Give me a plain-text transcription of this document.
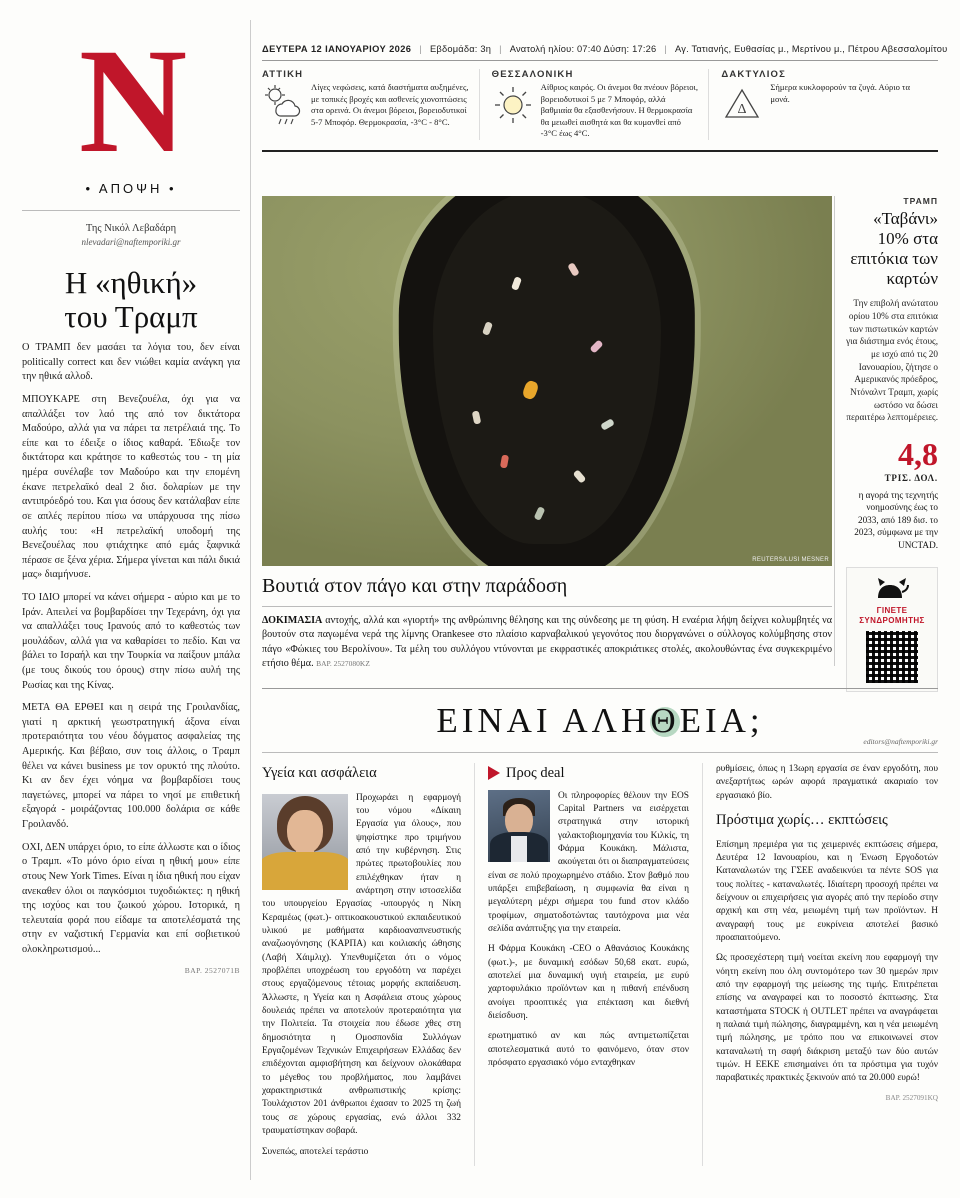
N
• ΑΠΟΨΗ •
Της Νικόλ Λεβαδάρη
nlevadari@naftemporiki.gr
Η «ηθική»
του Τραμπ

Ο ΤΡΑΜΠ δεν μασάει τα λόγια του, δεν είναι politically correct και δεν νιώθει καμία ανάγκη για την ηθικά αλλοδ.

ΜΠΟΥΚΑΡΕ στη Βενεζουέλα, όχι για να απαλλάξει τον λαό της από τον δικτάτορα Μαδούρο, αλλά για να πάρει τα πετρέλαιά της. Το είπε και το έδειξε ο ίδιος καθαρά. Έδιωξε τον δικτάτορα και κράτησε το καθεστώς του - τη μία ημέρα συνέλαβε τον Μαδούρο και την επομένη έκανε πετρελαϊκό deal 2 δισ. δολαρίων με την αντιπρόεδρό του. Και για όσους δεν κατάλαβαν είπε σε απλές περίπου πίσω να υπάρχουσα της πίσω αυλής του: «Η πετρελαϊκή υποδομή της Βενεζουέλας που φτιάχτηκε από εμάς ξαφνικά πέρασε σε ξένα χέρια. Σήμερα γίνεται και πάλι δικιά μας» διαμήνυσε.

ΤΟ ΙΔΙΟ μπορεί να κάνει σήμερα - αύριο και με το Ιράν. Απειλεί να βομβαρδίσει την Τεχεράνη, όχι για να απαλλάξει τους Ιρανούς από το καθεστώς των μουλάδων, αλλά για να καθαρίσει το πεδίο. Και να βάλει το Ισραήλ και την Τουρκία να παίξουν μπάλα (με τους δικούς του όρους) στην πίσω αυλή της Ρωσίας και της Κίνας.

ΜΕΤΑ ΘΑ ΕΡΘΕΙ και η σειρά της Γροιλανδίας, γιατί η αρκτική γεωστρατηγική άξονα είναι προτεραιότητα του νέου δόγματος ασφαλείας της Αμερικής. Και βέβαιο, συν τοις άλλοις, ο Τραμπ θέλει να κάνει business με τον ορυκτό της πλούτο. Κι αν δεν έχει νόημα να βομβαρδίσει τους παγετώνες, μπορεί να πάρει το νησί με επιθετική εξαγορά - μοιράζοντας 100.000 δολάρια σε κάθε Γροιλανδό.

ΟΧΙ, ΔΕΝ υπάρχει όριο, το είπε άλλωστε και ο ίδιος ο Τραμπ. «Το μόνο όριο είναι η ηθική μου» είπε στους New York Times. Είναι η ίδια ηθική που είχαν ανεκαθεν όλοι οι παγκόσμιοι τυχοδιώκτες: η ηθική της ισχύος και του ζωικού χώρου. Ιστορικά, η τελευταία φορά που είδαμε τα αποτελέσματά της στην εν ναζιστική Γερμανία και επί σοβιετικού ολοκληρωτισμού...

ΒΑΡ. 2527071Β
ΔΕΥΤΕΡΑ 12 ΙΑΝΟΥΑΡΙΟΥ 2026 | Εβδομάδα: 3η | Ανατολή ηλίου: 07:40 Δύση: 17:26 | Αγ. Τατιανής, Ευθασίας μ., Μερτίνου μ., Πέτρου Αβεσσαλομίτου
ΑΤΤΙΚΗ
Λίγες νεφώσεις, κατά διαστήματα αυξημένες, με τοπικές βροχές και ασθενείς χιονοπτώσεις στα ορεινά. Οι άνεμοι βόρειοι, βορειοδυτικοί 5-7 Μποφόρ. Θερμοκρασία, -3°C - 8°C.
ΘΕΣΣΑΛΟΝΙΚΗ
Αίθριος καιρός. Οι άνεμοι θα πνέουν βόρειοι, βορειοδυτικοί 5 με 7 Μποφόρ, αλλά βαθμιαία θα εξασθενήσουν. Η θερμοκρασία θα μειωθεί αισθητά και θα κυμανθεί από -3°C έως 4°C.
ΔΑΚΤΥΛΙΟΣ
Δ
Σήμερα κυκλοφορούν τα ζυγά. Αύριο τα μονά.
REUTERS/LUSI MESNER
Βουτιά στον πάγο και στην παράδοση
ΔΟΚΙΜΑΣΙΑ αντοχής, αλλά και «γιορτή» της ανθρώπινης θέλησης και της σύνδεσης με τη φύση. Η εναέρια λήψη δείχνει κολυμβητές να βουτούν στα παγωμένα νερά της λίμνης Orankesee στο πλαίσιο καρναβαλικού γεγονότος που διοργανώνει ο σύλλογος κολύμβησης στον πάγο «Φώκιες του Βερολίνου». Τα μέλη του συλλόγου ντύνονται με εκφραστικές αποκριάτικες στολές, ακολουθώντας ένα συγκεκριμένο ετήσιο θέμα. ΒΑΡ. 2527080ΚΖ
ΤΡΑΜΠ
«Ταβάνι» 10% στα επιτόκια των καρτών
Την επιβολή ανώτατου ορίου 10% στα επιτόκια των πιστωτικών καρτών για διάστημα ενός έτους, με ισχύ από τις 20 Ιανουαρίου, ζήτησε ο Αμερικανός πρόεδρος, Ντόναλντ Τραμπ, χωρίς ωστόσο να δώσει περαιτέρω λεπτομέρειες.
4,8
ΤΡΙΣ. ΔΟΛ.
η αγορά της τεχνητής νοημοσύνης έως το 2033, από 189 δισ. το 2023, σύμφωνα με την UNCTAD.
ΓΙΝΕΤΕ ΣΥΝΔΡΟΜΗΤΗΣ
ΕΙΝΑΙ ΑΛΗ
ΘΕΙΑ;
editors@naftemporiki.gr
Υγεία και ασφάλεια

Προχωράει η εφαρμογή του νόμου «Δίκαιη Εργασία για όλους», που ψηφίστηκε προ τριμήνου από την κυβέρνηση. Στις πρώτες πρωτοβουλίες που επιλέχθηκαν ήταν η ανάρτηση στην ιστοσελίδα του υπουργείου Εργασίας -υπουργός η Νίκη Κεραμέως (φωτ.)- οπτικοακουστικού εκπαιδευτικού υλικού με μαθήματα καρδιοαναπνευστικής αναζωογόνησης (ΚΑΡΠΑ) και κοιλιακής ώθησης (Λαβή Χάιμλιχ). Υπενθυμίζεται ότι ο νόμος προβλέπει υποχρέωση του εργοδότη να παρέχει στους εργαζόμενους τέτοιας μορφής εκπαίδευση. Άλλωστε, η Υγεία και η Ασφάλεια στους χώρους δουλειάς πρέπει να αποτελούν προτεραιότητα για την Πολιτεία. Τα στοιχεία που έδωσε χθες στη δημοσιότητα η Ομοσπονδία Συλλόγων Εργαζομένων Τεχνικών Επιχειρήσεων Ελλάδας δεν επιδέχονται αμφισβήτηση και δείχνουν ολοκάθαρα το μέγεθος του προβλήματος, που λαμβάνει χαρακτηριστικά ανθρωπιστικής κρίσης: Τουλάχιστον 201 άνθρωποι έχασαν το 2025 τη ζωή τους σε χώρους εργασίας, ενώ άλλοι 332 τραυματίστηκαν σοβαρά.

Συνεπώς, αποτελεί τεράστιο

Προς deal

Οι πληροφορίες θέλουν την EOS Capital Partners να εισέρχεται στρατηγικά στην ιστορική γαλακτοβιομηχανία του Κιλκίς, τη Φάρμα Κουκάκη. Μάλιστα, ακούγεται ότι οι διαπραγματεύσεις είναι σε πολύ προχωρημένο στάδιο. Στον βαθμό που υπάρξει επιβεβαίωση, η συμφωνία θα είναι η μεγαλύτερη μέχρι σήμερα του fund στον κλάδο τροφίμων, σηματοδοτώντας ταυτόχρονα μια νέα σελίδα ανάπτυξης για την εταιρεία.

Η Φάρμα Κουκάκη -CEO ο Αθανάσιος Κουκάκης (φωτ.)-, με δυναμική εσόδων 50,68 εκατ. ευρώ, αποτελεί μια δυναμική υγιή εταιρεία, με ευρύ χαρτοφυλάκιο προϊόντων και η πιθανή επένδυση ανοίγει προοπτικές για επέκταση και διεθνή διείσδυση.

ερωτηματικό αν και πώς αντιμετωπίζεται αποτελεσματικά αυτό το φαινόμενο, όταν στον πρόσφατο εργασιακό νόμο ενταχθηκαν

ρυθμίσεις, όπως η 13ωρη εργασία σε έναν εργοδότη, που ανεξαρτήτως ωρών αφορά πραγματικά ακαριαίο τον εργασιακό βίο.

Πρόστιμα χωρίς… εκπτώσεις

Επίσημη πρεμιέρα για τις χειμερινές εκπτώσεις σήμερα, Δευτέρα 12 Ιανουαρίου, και η Ένωση Εργοδοτών Καταναλωτών της ΓΣΕΕ αναδεικνύει τα πέντε SOS για τους πολίτες - καταναλωτές. Ιδιαίτερη προσοχή πρέπει να δείχνουν οι επιχειρήσεις για αγορές από την περίοδο στην αρχική και στη νέα, μειωμένη τιμή των προϊόντων. Η αναγραφή τους με ευκρίνεια αποτελεί βασικό προαπαιτούμενο.

Ως προσεχέστερη τιμή νοείται εκείνη που εφαρμογή την νόητη εκείνη που όλη συντομότερο των 30 ημερών πριν από την εφαρμογή της μείωσης της τιμής. Επιτρέπεται επίσης να αναγραφεί και το ποσοστό έκπτωσης. Στα καταστήματα STOCK ή OUTLET πρέπει να αναγράφεται η παλαιά τιμή πώλησης, διαγραμμένη, και η νέα μειωμένη τιμή πώλησης, με τρόπο που να επικοινωνεί στον καταναλωτή τη σαφή διάκριση μεταξύ των δύο αυτών τιμών. Η ΕΕΚΕ επισημαίνει ότι τα πρόστιμα για τυχόν παραβατικές πρακτικές ξεκινούν από τα 20.000 ευρώ!

ΒΑΡ. 2527091ΚQ
